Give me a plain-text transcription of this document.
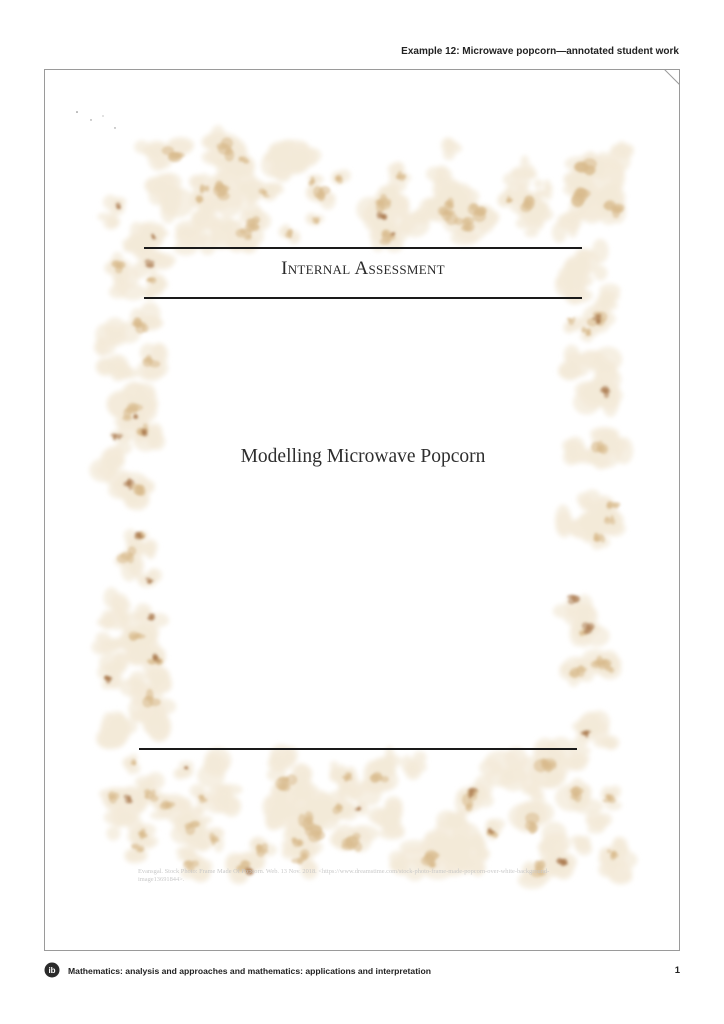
Example 12: Microwave popcorn—annotated student work
Internal Assessment
Modelling Microwave Popcorn
Evansgal. Stock Photo: Frame Made Of Popcorn. Web. 13 Nov. 2018. <https://www.dreamstime.com/stock-photo-frame-made-popcorn-over-white-background-image13691844>.
ib Mathematics: analysis and approaches and mathematics: applications and interpretation	1
